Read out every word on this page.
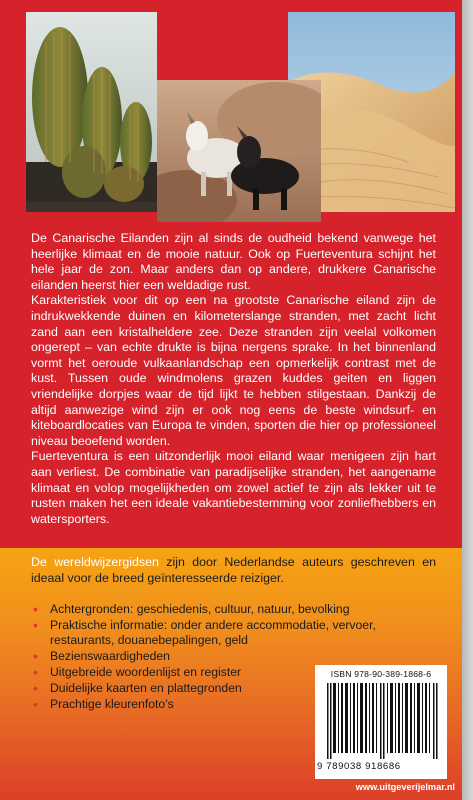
De Canarische Eilanden zijn al sinds de oudheid bekend vanwege het heerlijke klimaat en de mooie natuur. Ook op Fuerteventura schijnt het hele jaar de zon. Maar anders dan op andere, drukkere Canarische eilanden heerst hier een weldadige rust.

Karakteristiek voor dit op een na grootste Canarische eiland zijn de indrukwekkende duinen en kilometerslange stranden, met zacht licht zand aan een kristalheldere zee. Deze stranden zijn veelal volkomen ongerept – van echte drukte is bijna nergens sprake. In het binnenland vormt het oeroude vulkaanlandschap een opmerkelijk contrast met de kust. Tussen oude windmolens grazen kuddes geiten en liggen vriendelijke dorpjes waar de tijd lijkt te hebben stilgestaan. Dankzij de altijd aanwezige wind zijn er ook nog eens de beste windsurf- en kiteboardlocaties van Europa te vinden, sporten die hier op professioneel niveau beoefend worden.

Fuerteventura is een uitzonderlijk mooi eiland waar menigeen zijn hart aan verliest. De combinatie van paradijselijke stranden, het aangename klimaat en volop mogelijkheden om zowel actief te zijn als lekker uit te rusten maken het een ideale vakantiebestemming voor zonliefhebbers en watersporters.

De wereldwijzergidsen zijn door Nederlandse auteurs geschreven en ideaal voor de breed geïnteresseerde reiziger.
• Achtergronden: geschiedenis, cultuur, natuur, bevolking
• Praktische informatie: onder andere accommodatie, vervoer, restaurants, douanebepalingen, geld
• Bezienswaardigheden
• Uitgebreide woordenlijst en register
• Duidelijke kaarten en plattegronden
• Prachtige kleurenfoto’s
ISBN 978-90-389-1868-6
9 789038 918686
www.uitgeverijelmar.nl
